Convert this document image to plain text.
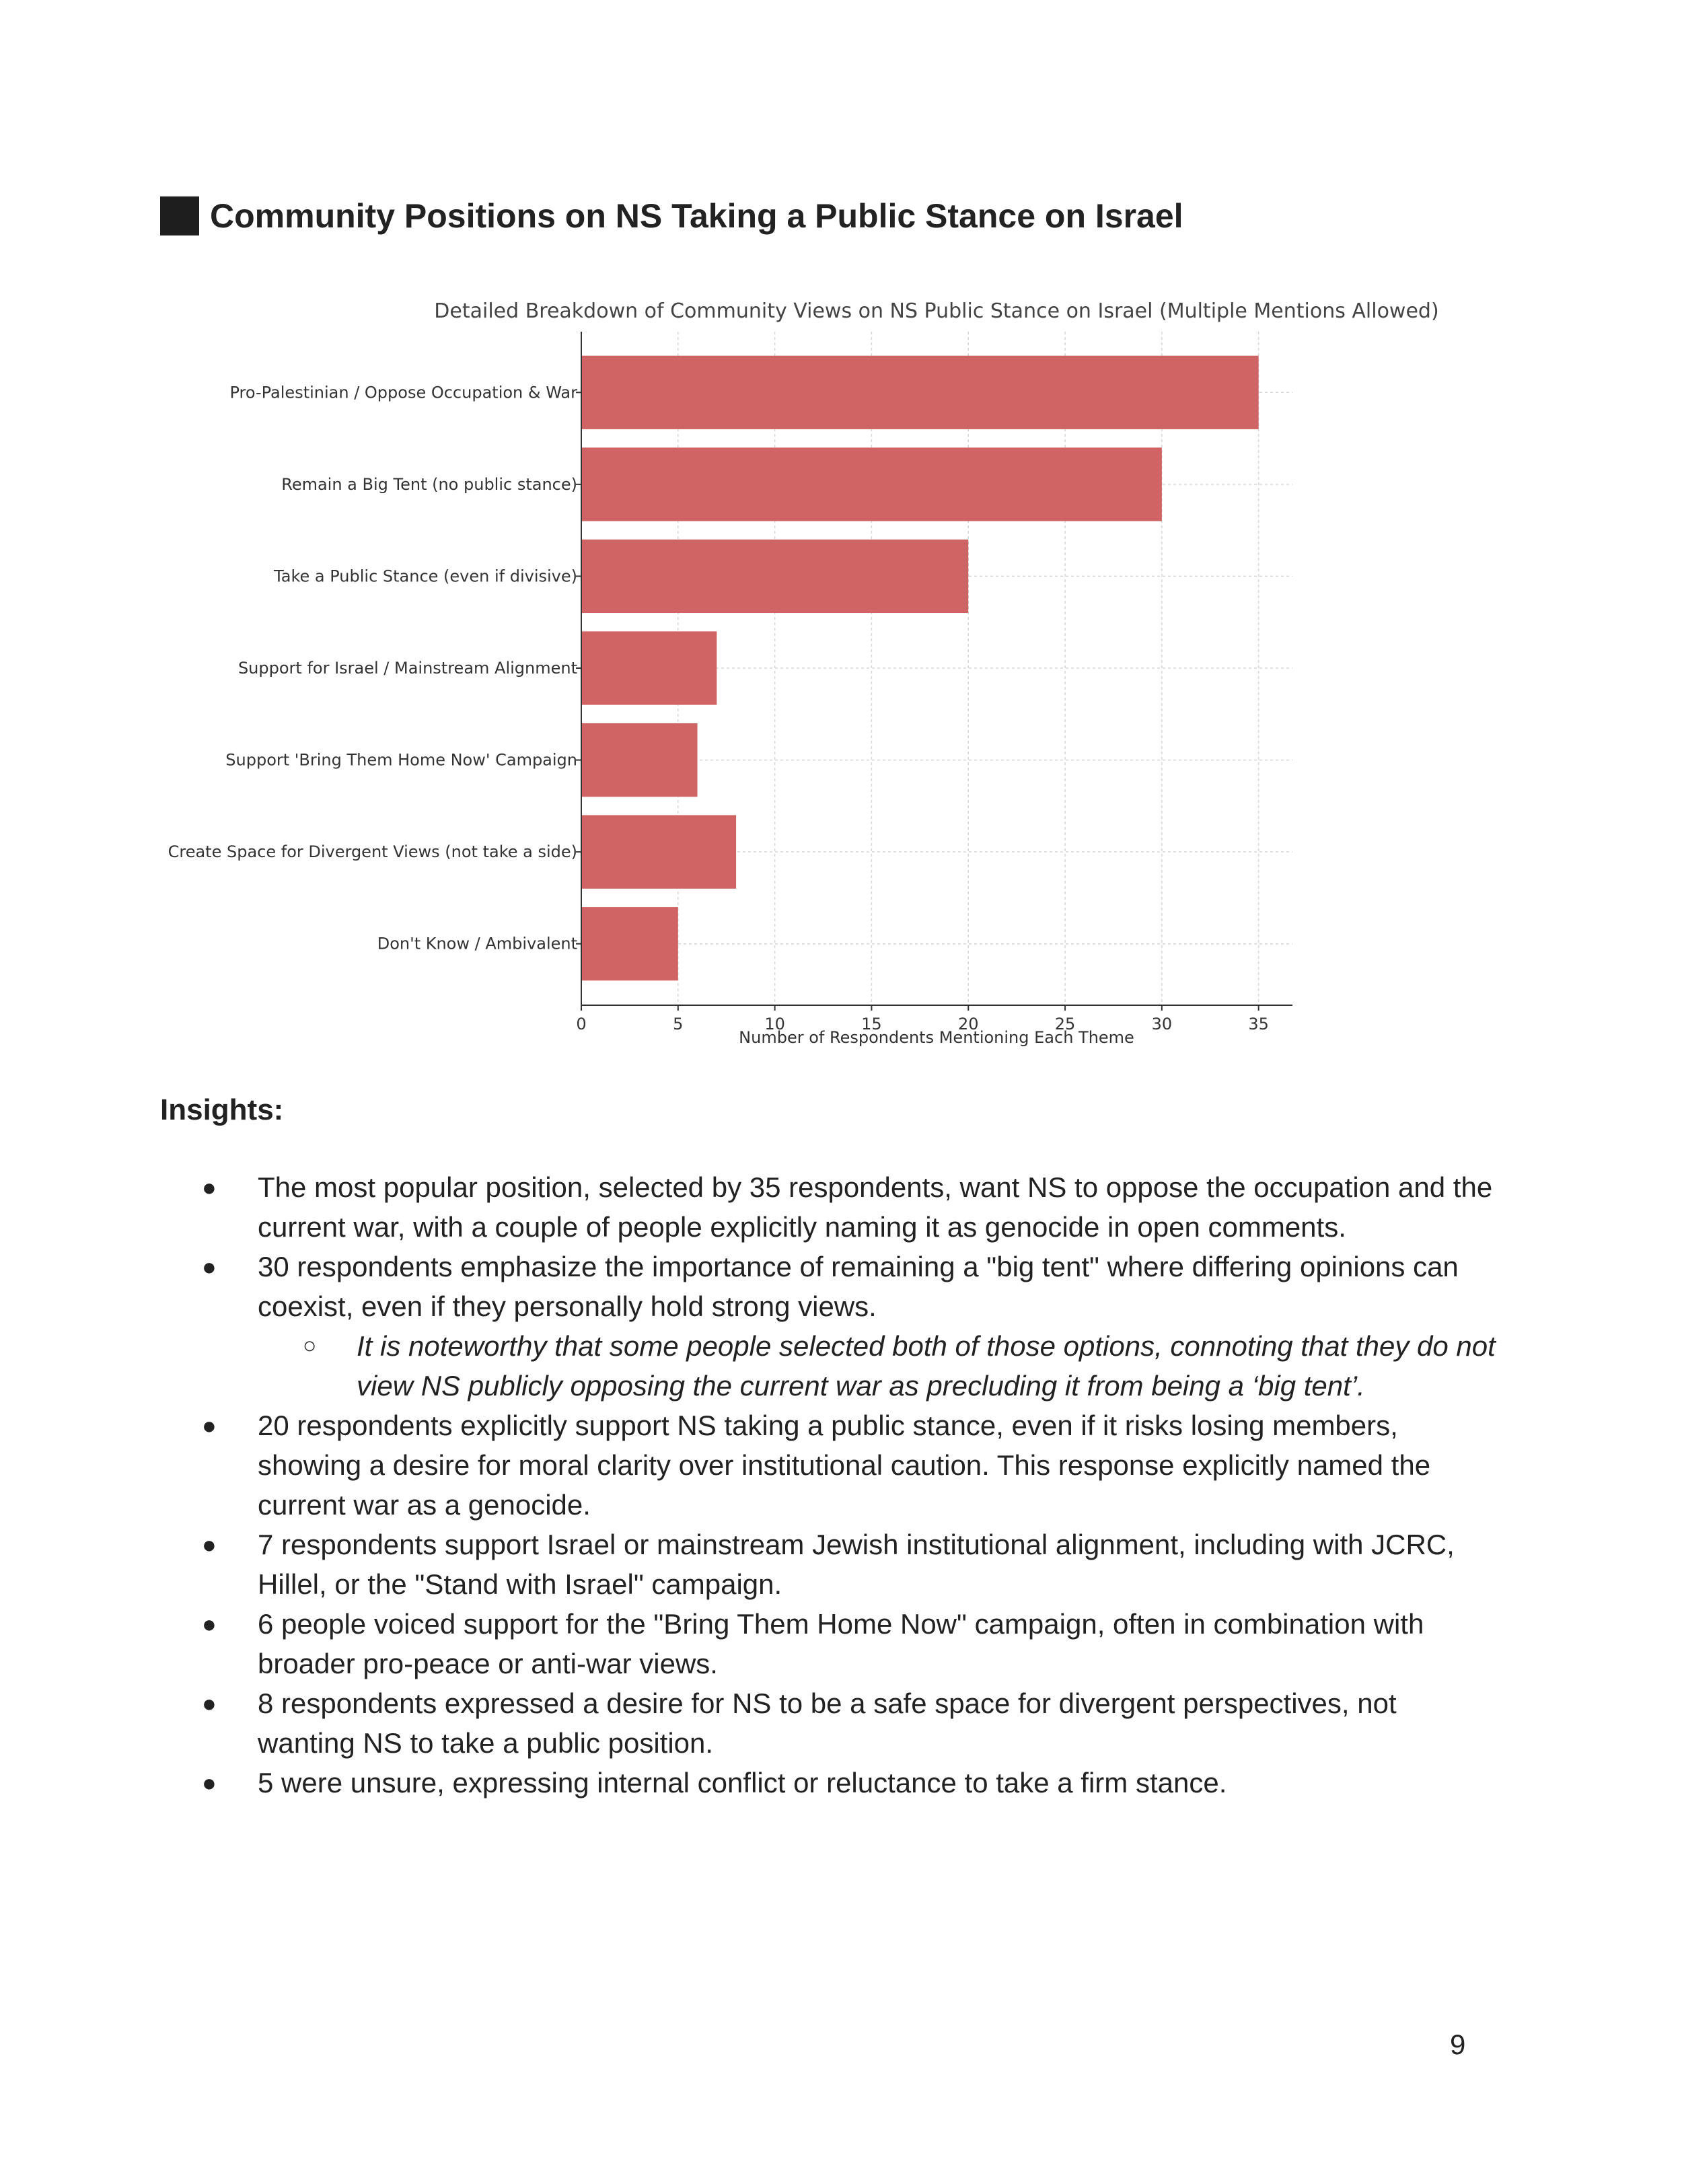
Community Positions on NS Taking a Public Stance on Israel
Pro-Palestinian / Oppose Occupation & War
Remain a Big Tent (no public stance)
Take a Public Stance (even if divisive)
Support for Israel / Mainstream Alignment
Support 'Bring Them Home Now' Campaign
Create Space for Divergent Views (not take a side)
Don't Know / Ambivalent
0	5	10	15	20	25	30	35
Detailed Breakdown of Community Views on NS Public Stance on Israel (Multiple Mentions Allowed)
Number of Respondents Mentioning Each Theme
Insights:
● The most popular position, selected by 35 respondents, want NS to oppose the occupation and the
current war, with a couple of people explicitly naming it as genocide in open comments.
● 30 respondents emphasize the importance of remaining a "big tent" where differing opinions can
coexist, even if they personally hold strong views.
○ It is noteworthy that some people selected both of those options, connoting that they do not
view NS publicly opposing the current war as precluding it from being a ‘big tent’.
● 20 respondents explicitly support NS taking a public stance, even if it risks losing members,
showing a desire for moral clarity over institutional caution. This response explicitly named the
current war as a genocide.
● 7 respondents support Israel or mainstream Jewish institutional alignment, including with JCRC,
Hillel, or the "Stand with Israel" campaign.
● 6 people voiced support for the "Bring Them Home Now" campaign, often in combination with
broader pro-peace or anti-war views.
● 8 respondents expressed a desire for NS to be a safe space for divergent perspectives, not
wanting NS to take a public position.
● 5 were unsure, expressing internal conflict or reluctance to take a firm stance.
9
